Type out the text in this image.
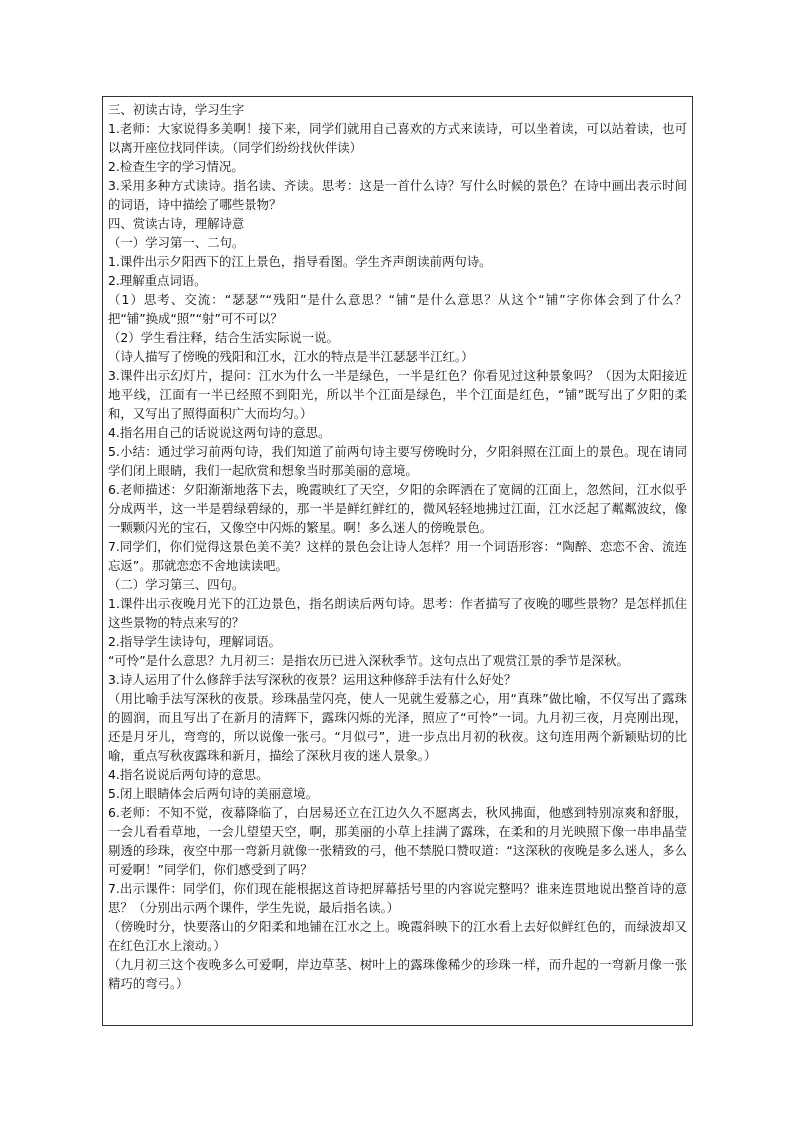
三、初读古诗，学习生字

1.老师：大家说得多美啊！接下来，同学们就用自己喜欢的方式来读诗，可以坐着读，可以站着读，也可以离开座位找同伴读。（同学们纷纷找伙伴读）

2.检查生字的学习情况。

3.采用多种方式读诗。指名读、齐读。思考：这是一首什么诗？写什么时候的景色？在诗中画出表示时间的词语，诗中描绘了哪些景物？

四、赏读古诗，理解诗意

（一）学习第一、二句。

1.课件出示夕阳西下的江上景色，指导看图。学生齐声朗读前两句诗。

2.理解重点词语。

（1）思考、交流：“瑟瑟”“残阳”是什么意思？“铺”是什么意思？从这个“铺”字你体会到了什么？把“铺”换成“照”“射”可不可以？

（2）学生看注释，结合生活实际说一说。

（诗人描写了傍晚的残阳和江水，江水的特点是半江瑟瑟半江红。）

3.课件出示幻灯片，提问：江水为什么一半是绿色，一半是红色？你看见过这种景象吗？（因为太阳接近地平线，江面有一半已经照不到阳光，所以半个江面是绿色，半个江面是红色，“铺”既写出了夕阳的柔和，又写出了照得面积广大而均匀。）

4.指名用自己的话说说这两句诗的意思。

5.小结：通过学习前两句诗，我们知道了前两句诗主要写傍晚时分，夕阳斜照在江面上的景色。现在请同学们闭上眼睛，我们一起欣赏和想象当时那美丽的意境。

6.老师描述：夕阳渐渐地落下去，晚霞映红了天空，夕阳的余晖洒在了宽阔的江面上，忽然间，江水似乎分成两半，这一半是碧绿碧绿的，那一半是鲜红鲜红的，微风轻轻地拂过江面，江水泛起了粼粼波纹，像一颗颗闪光的宝石，又像空中闪烁的繁星。啊！多么迷人的傍晚景色。

7.同学们，你们觉得这景色美不美？这样的景色会让诗人怎样？用一个词语形容：“陶醉、恋恋不舍、流连忘返”。那就恋恋不舍地读读吧。

（二）学习第三、四句。

1.课件出示夜晚月光下的江边景色，指名朗读后两句诗。思考：作者描写了夜晚的哪些景物？是怎样抓住这些景物的特点来写的？

2.指导学生读诗句，理解词语。

“可怜”是什么意思？九月初三：是指农历已进入深秋季节。这句点出了观赏江景的季节是深秋。

3.诗人运用了什么修辞手法写深秋的夜景？运用这种修辞手法有什么好处？

（用比喻手法写深秋的夜景。珍珠晶莹闪亮，使人一见就生爱慕之心，用“真珠”做比喻，不仅写出了露珠的圆润，而且写出了在新月的清辉下，露珠闪烁的光泽，照应了“可怜”一词。九月初三夜，月亮刚出现，还是月牙儿，弯弯的，所以说像一张弓。“月似弓”，进一步点出月初的秋夜。这句连用两个新颖贴切的比喻，重点写秋夜露珠和新月，描绘了深秋月夜的迷人景象。）

4.指名说说后两句诗的意思。

5.闭上眼睛体会后两句诗的美丽意境。

6.老师：不知不觉，夜幕降临了，白居易还立在江边久久不愿离去，秋风拂面，他感到特别凉爽和舒服，一会儿看看草地，一会儿望望天空，啊，那美丽的小草上挂满了露珠，在柔和的月光映照下像一串串晶莹剔透的珍珠，夜空中那一弯新月就像一张精致的弓，他不禁脱口赞叹道：“这深秋的夜晚是多么迷人，多么可爱啊！”同学们，你们感受到了吗？

7.出示课件：同学们，你们现在能根据这首诗把屏幕括号里的内容说完整吗？谁来连贯地说出整首诗的意思？（分别出示两个课件，学生先说，最后指名读。）

（傍晚时分，快要落山的夕阳柔和地铺在江水之上。晚霞斜映下的江水看上去好似鲜红色的，而绿波却又在红色江水上滚动。）

（九月初三这个夜晚多么可爱啊，岸边草茎、树叶上的露珠像稀少的珍珠一样，而升起的一弯新月像一张精巧的弯弓。）
